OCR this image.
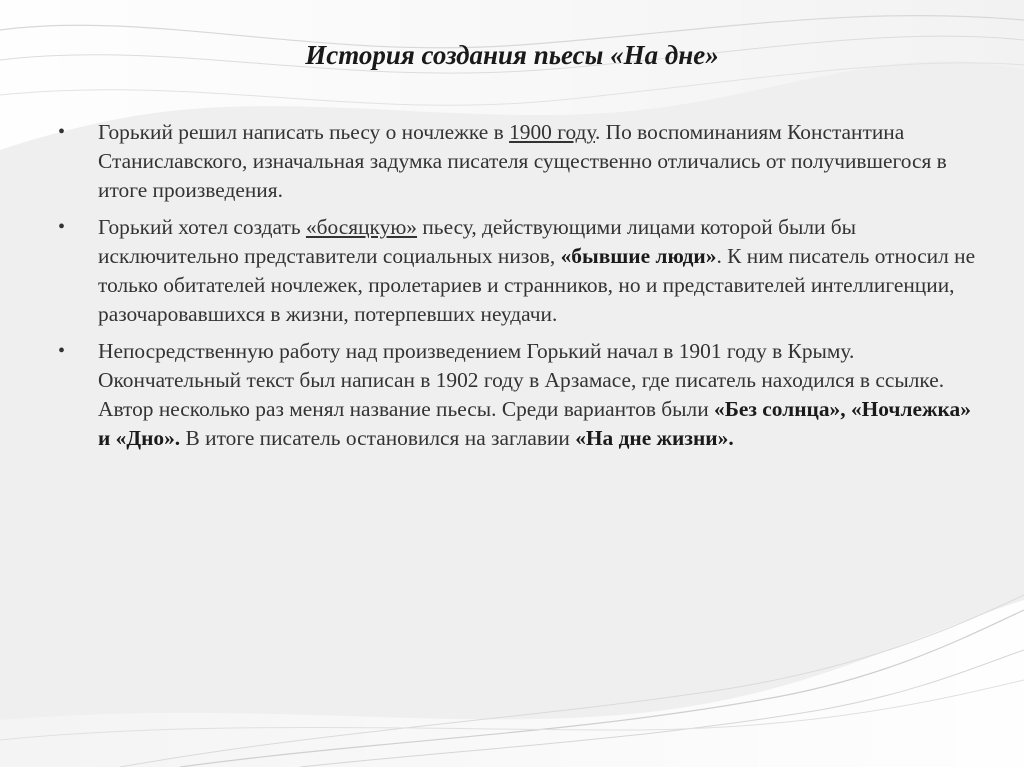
История создания пьесы «На дне»
•	Горький решил написать пьесу о ночлежке в 1900 году. По воспоминаниям Константина Станиславского, изначальная задумка писателя существенно отличались от получившегося в итоге произведения.
•	Горький хотел создать «босяцкую» пьесу, действующими лицами которой были бы исключительно представители социальных низов, «бывшие люди». К ним писатель относил не только обитателей ночлежек, пролетариев и странников, но и представителей интеллигенции, разочаровавшихся в жизни, потерпевших неудачи.
•	Непосредственную работу над произведением Горький начал в 1901 году в Крыму. Окончательный текст был написан в 1902 году в Арзамасе, где писатель находился в ссылке. Автор несколько раз менял название пьесы. Среди вариантов были «Без солнца», «Ночлежка» и «Дно». В итоге писатель остановился на заглавии «На дне жизни».
